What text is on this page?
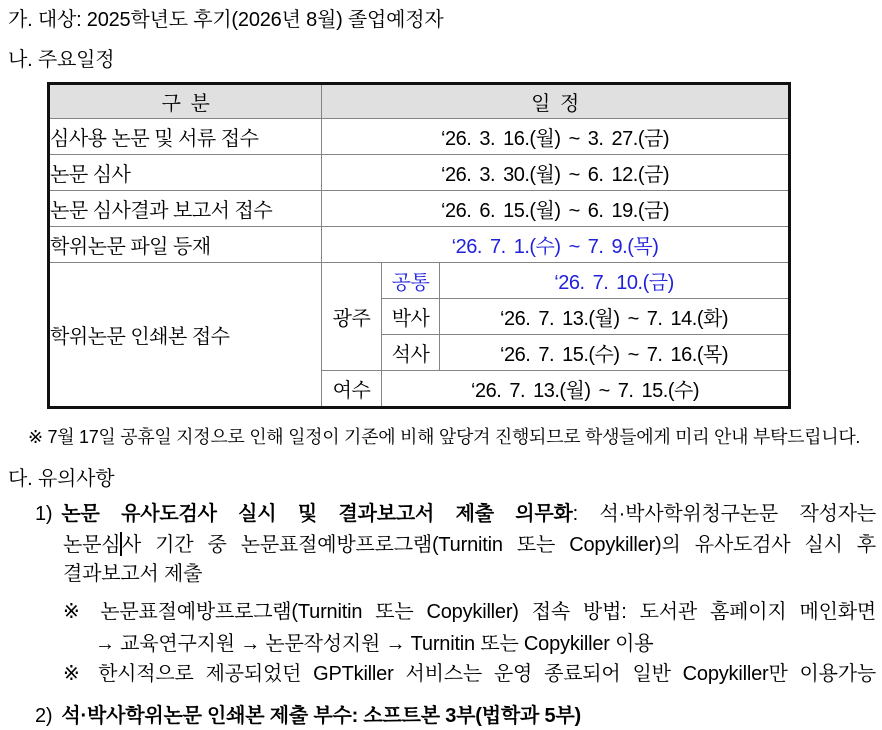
가. 대상: 2025학년도 후기(2026년 8월) 졸업예정자
나. 주요일정
구  분	일  정		
심사용 논문 및 서류 접수	‘26. 3. 16.(월) ~ 3. 27.(금)		
논문 심사	‘26. 3. 30.(월) ~ 6. 12.(금)		
논문 심사결과 보고서 접수	‘26. 6. 15.(월) ~ 6. 19.(금)		
학위논문 파일 등재	‘26. 7. 1.(수) ~ 7. 9.(목)		
학위논문 인쇄본 접수	광주	공통	‘26. 7. 10.(금)
		박사	‘26. 7. 13.(월) ~ 7. 14.(화)
		석사	‘26. 7. 15.(수) ~ 7. 16.(목)
	여수	‘26. 7. 13.(월) ~ 7. 15.(수)	
※ 7월 17일 공휴일 지정으로 인해 일정이 기존에 비해 앞당겨 진행되므로 학생들에게 미리 안내 부탁드립니다.
다. 유의사항
1) 논문 유사도검사 실시 및 결과보고서 제출 의무화: 석·박사학위청구논문 작성자는
논문심사 기간 중 논문표절예방프로그램(Turnitin 또는 Copykiller)의 유사도검사 실시 후
결과보고서 제출
※ 논문표절예방프로그램(Turnitin 또는 Copykiller) 접속 방법: 도서관 홈페이지 메인화면
→ 교육연구지원 → 논문작성지원 → Turnitin 또는 Copykiller 이용
※ 한시적으로 제공되었던 GPTkiller 서비스는 운영 종료되어 일반 Copykiller만 이용가능
2) 석·박사학위논문 인쇄본 제출 부수: 소프트본 3부(법학과 5부)
